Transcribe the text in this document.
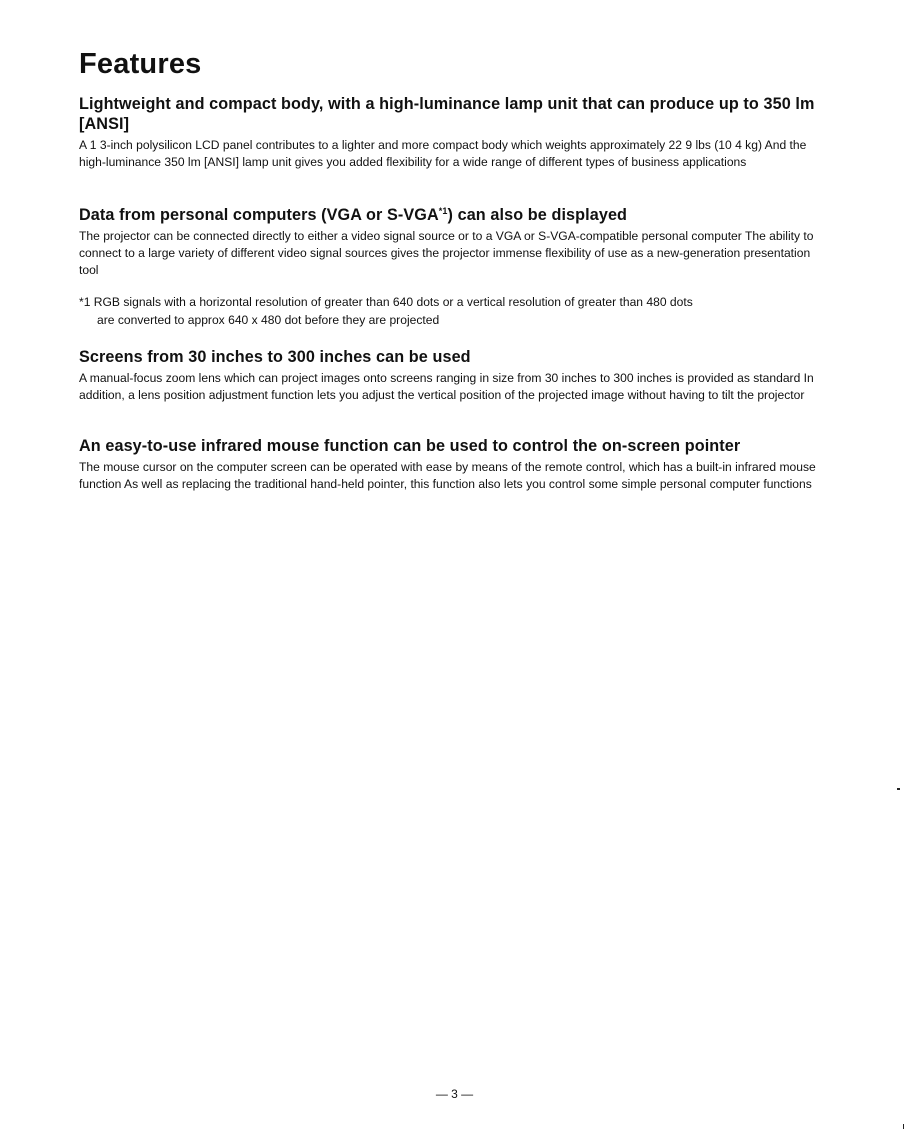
Features
Lightweight and compact body, with a high-luminance lamp unit that can produce up to 350 lm [ANSI]

A 1 3-inch polysilicon LCD panel contributes to a lighter and more compact body which weights approximately 22 9 lbs (10 4 kg) And the high-luminance 350 lm [ANSI] lamp unit gives you added flexibility for a wide range of different types of business applications

Data from personal computers (VGA or S-VGA$^{*1}$) can also be displayed

The projector can be connected directly to either a video signal source or to a VGA or S-VGA-compatible personal computer The ability to connect to a large variety of different video signal sources gives the projector immense flexibility of use as a new-generation presentation tool

*1 RGB signals with a horizontal resolution of greater than 640 dots or a vertical resolution of greater than 480 dots
are converted to approx 640 x 480 dot before they are projected
Screens from 30 inches to 300 inches can be used

A manual-focus zoom lens which can project images onto screens ranging in size from 30 inches to 300 inches is provided as standard In addition, a lens position adjustment function lets you adjust the vertical position of the projected image without having to tilt the projector

An easy-to-use infrared mouse function can be used to control the on-screen pointer

The mouse cursor on the computer screen can be operated with ease by means of the remote control, which has a built-in infrared mouse function As well as replacing the traditional hand-held pointer, this function also lets you control some simple personal computer functions

— 3 —
